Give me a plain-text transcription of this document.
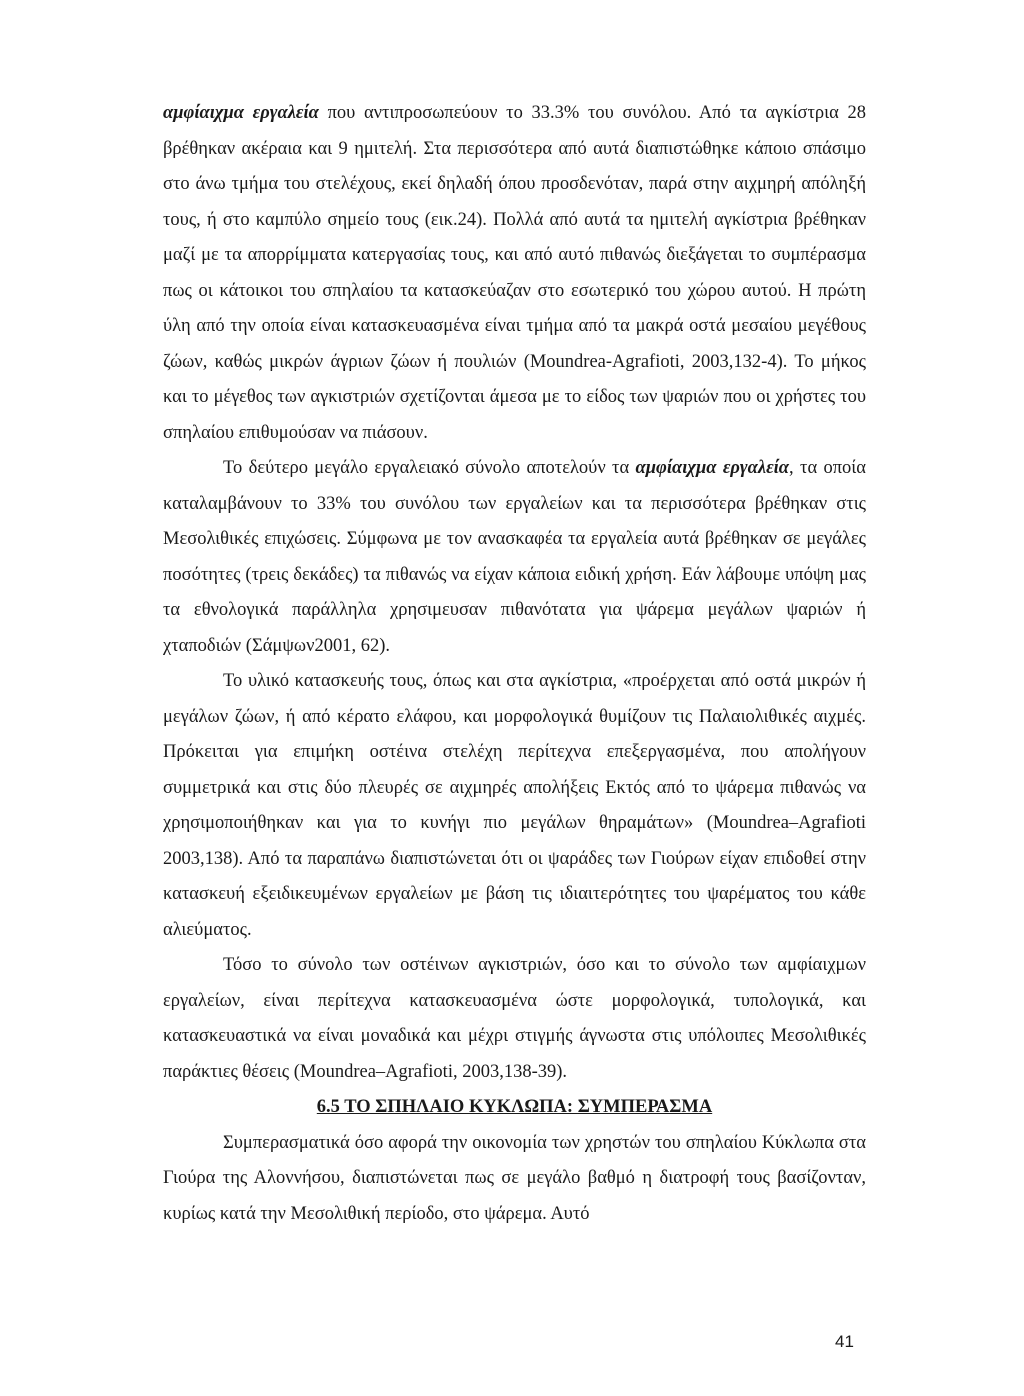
αμφίαιχμα εργαλεία που αντιπροσωπεύουν το 33.3% του συνόλου. Από τα αγκίστρια 28 βρέθηκαν ακέραια και 9 ημιτελή. Στα περισσότερα από αυτά διαπιστώθηκε κάποιο σπάσιμο στο άνω τμήμα του στελέχους, εκεί δηλαδή όπου προσδενόταν, παρά στην αιχμηρή απόληξή τους, ή στο καμπύλο σημείο τους (εικ.24). Πολλά από αυτά τα ημιτελή αγκίστρια βρέθηκαν μαζί με τα απορρίμματα κατεργασίας τους, και από αυτό πιθανώς διεξάγεται το συμπέρασμα πως οι κάτοικοι του σπηλαίου τα κατασκεύαζαν στο εσωτερικό του χώρου αυτού. Η πρώτη ύλη από την οποία είναι κατασκευασμένα είναι τμήμα από τα μακρά οστά μεσαίου μεγέθους ζώων, καθώς μικρών άγριων ζώων ή πουλιών (Moundrea-Agrafioti, 2003,132-4). Το μήκος και το μέγεθος των αγκιστριών σχετίζονται άμεσα με το είδος των ψαριών που οι χρήστες του σπηλαίου επιθυμούσαν να πιάσουν.

Το δεύτερο μεγάλο εργαλειακό σύνολο αποτελούν τα αμφίαιχμα εργαλεία, τα οποία καταλαμβάνουν το 33% του συνόλου των εργαλείων και τα περισσότερα βρέθηκαν στις Μεσολιθικές επιχώσεις. Σύμφωνα με τον ανασκαφέα τα εργαλεία αυτά βρέθηκαν σε μεγάλες ποσότητες (τρεις δεκάδες) τα πιθανώς να είχαν κάποια ειδική χρήση. Εάν λάβουμε υπόψη μας τα εθνολογικά παράλληλα χρησιμευσαν πιθανότατα για ψάρεμα μεγάλων ψαριών ή χταποδιών (Σάμψων2001, 62).

Το υλικό κατασκευής τους, όπως και στα αγκίστρια, «προέρχεται από οστά μικρών ή μεγάλων ζώων, ή από κέρατο ελάφου, και μορφολογικά θυμίζουν τις Παλαιολιθικές αιχμές. Πρόκειται για επιμήκη οστέινα στελέχη περίτεχνα επεξεργασμένα, που απολήγουν συμμετρικά και στις δύο πλευρές σε αιχμηρές απολήξεις Εκτός από το ψάρεμα πιθανώς να χρησιμοποιήθηκαν και για το κυνήγι πιο μεγάλων θηραμάτων» (Moundrea–Agrafioti 2003,138). Από τα παραπάνω διαπιστώνεται ότι οι ψαράδες των Γιούρων είχαν επιδοθεί στην κατασκευή εξειδικευμένων εργαλείων με βάση τις ιδιαιτερότητες του ψαρέματος του κάθε αλιεύματος.

Τόσο το σύνολο των οστέινων αγκιστριών, όσο και το σύνολο των αμφίαιχμων εργαλείων, είναι περίτεχνα κατασκευασμένα ώστε μορφολογικά, τυπολογικά, και κατασκευαστικά να είναι μοναδικά και μέχρι στιγμής άγνωστα στις υπόλοιπες Μεσολιθικές παράκτιες θέσεις (Moundrea–Agrafioti, 2003,138-39).

6.5 ΤΟ ΣΠΗΛΑΙΟ ΚΥΚΛΩΠΑ: ΣΥΜΠΕΡΑΣΜΑ

Συμπερασματικά όσο αφορά την οικονομία των χρηστών του σπηλαίου Κύκλωπα στα Γιούρα της Αλοννήσου, διαπιστώνεται πως σε μεγάλο βαθμό η διατροφή τους βασίζονταν, κυρίως κατά την Μεσολιθική περίοδο, στο ψάρεμα. Αυτό

41
